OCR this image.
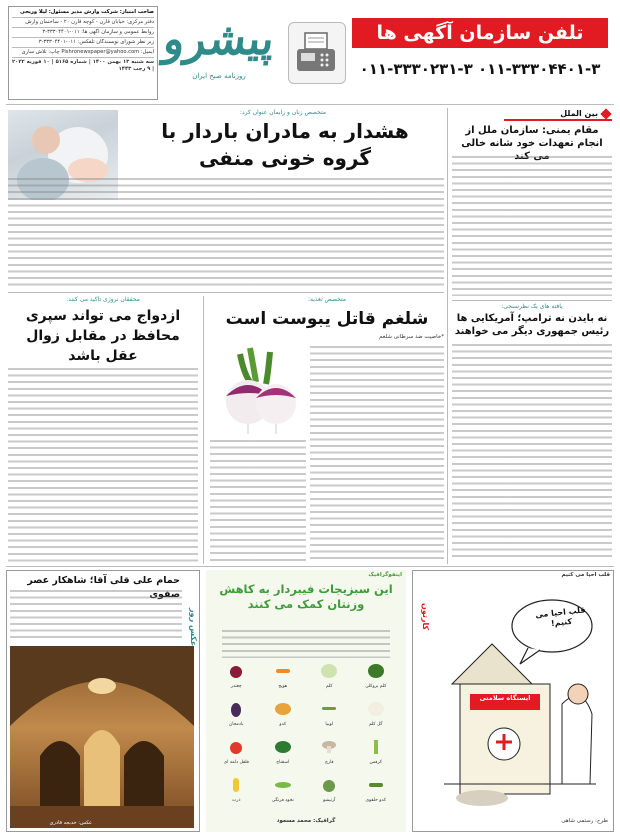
صاحب امتیاز: شرکت وارش مدیر مسئول: لیلا وریجی
دفتر مرکزی: خیابان قارن - کوچه قارن ۲۰ - ساختمان وارش
روابط عمومی و سازمان آگهی ها: ۰۱۱-۳۳۳۰۴۴۰۱-۳
زیر نظر شورای نویسندگان تلفکس: ۰۱۱-۳۳۳۰۴۴۰۱-۳
ایمیل: Pishronewspaper@yahoo.com چاپ: تلاش ساری
سه شنبه ۱۳ بهمن ۱۴۰۰ | شماره ۵۱۶۵ | ۱۰ فوریه ۲۰۲۲ | ۹ رجب ۱۴۴۳
پیشرو
روزنامه صبح ایران
تلفن سازمان آگهی ها
۰۱۱-۳۳۳۰۴۴۰۱-۳ ۰۱۱-۳۳۳۰۲۳۱-۳
بین الملل
مقام یمنی: سازمان ملل از انجام تعهدات خود شانه خالی می کند
یافته های یک نظرسنجی:
نه بایدن نه ترامپ؛ آمریکایی ها رئیس جمهوری دیگر می خواهند
متخصص زنان و زایمان عنوان کرد:
هشدار به مادران باردار با گروه خونی منفی
محققان نروژی تاکید می کنند:
ازدواج می تواند سپری محافظ در مقابل زوال عقل باشد
متخصص تغذیه:
شلغم قاتل یبوست است
*خاصیت ضد سرطانی شلغم
حمام علی قلی آقا؛ شاهکار عصر صفوی
عکس روز
عکس: خدیجه قادری
اینفوگرافیک
این سبزیجات فیبردار به کاهش وزنتان کمک می کنند
کلم بروکلی
کلم
هویج
چغندر
گل کلم
لوبیا
کدو
بادمجان
کرفس
قارچ
اسفناج
فلفل دلمه ای
کدو حلقوی
آرتیشو
نخود فرنگی
ذرت
گرافیک: محمد مسعود
قلب احیا می کنیم
کارتون	قلب احیا می کنیم!
ایستگاه سلامتی
طرح: رستمی شاهی
